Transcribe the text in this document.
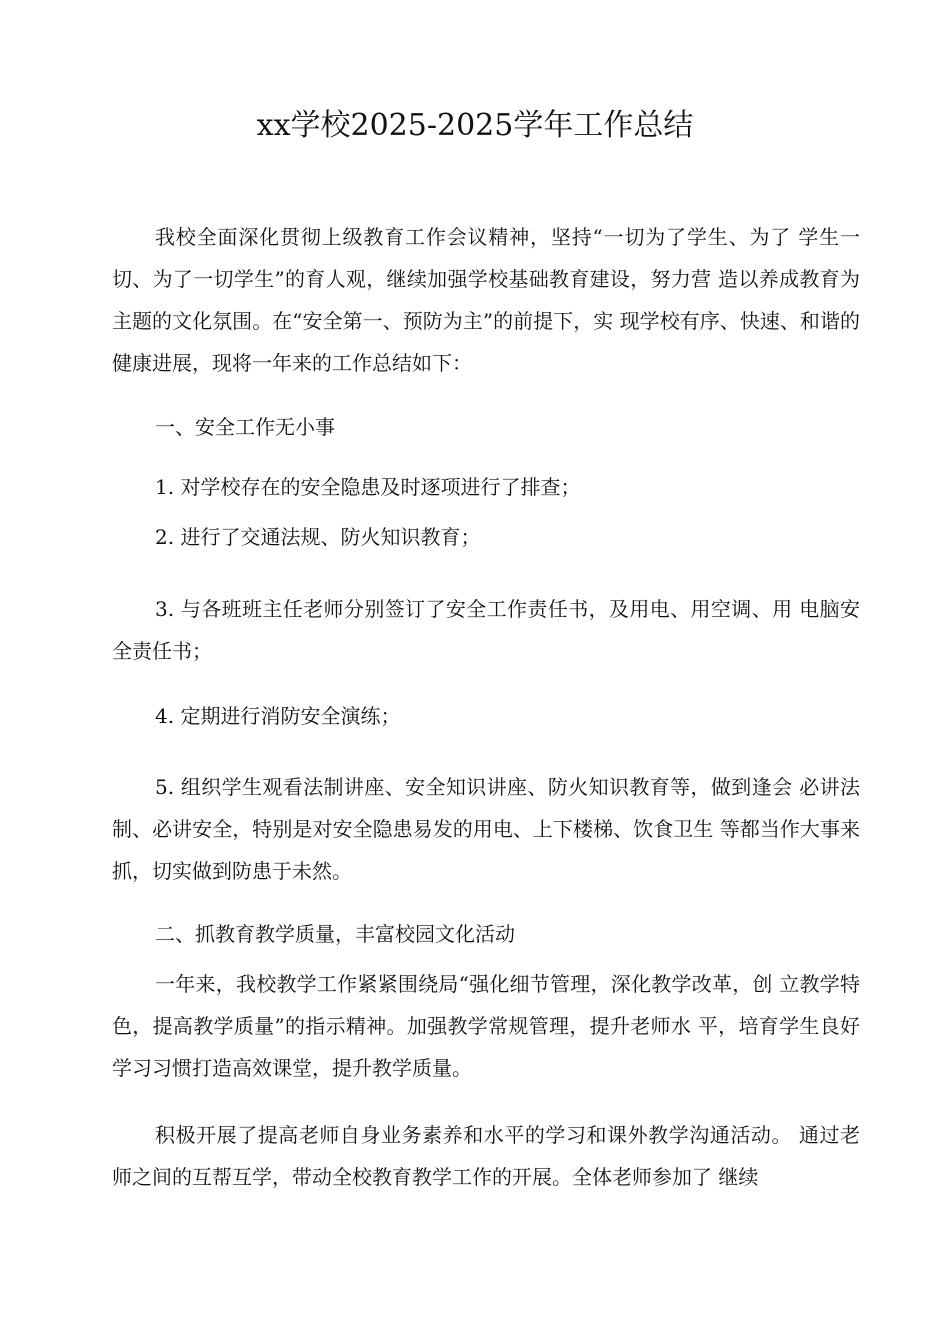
xx学校2025-2025学年工作总结

我校全面深化贯彻上级教育工作会议精神，坚持“一切为了学生、为了 学生一切、为了一切学生”的育人观，继续加强学校基础教育建设，努力营 造以养成教育为主题的文化氛围。在“安全第一、预防为主”的前提下，实 现学校有序、快速、和谐的健康进展，现将一年来的工作总结如下：

一、安全工作无小事

1. 对学校存在的安全隐患及时逐项进行了排查；

2. 进行了交通法规、防火知识教育；

3. 与各班班主任老师分别签订了安全工作责任书，及用电、用空调、用 电脑安全责任书；

4. 定期进行消防安全演练；

5. 组织学生观看法制讲座、安全知识讲座、防火知识教育等，做到逢会 必讲法制、必讲安全，特别是对安全隐患易发的用电、上下楼梯、饮食卫生 等都当作大事来抓，切实做到防患于未然。

二、抓教育教学质量，丰富校园文化活动

一年来，我校教学工作紧紧围绕局“强化细节管理，深化教学改革，创 立教学特色，提高教学质量”的指示精神。加强教学常规管理，提升老师水 平，培育学生良好学习习惯打造高效课堂，提升教学质量。

积极开展了提高老师自身业务素养和水平的学习和课外教学沟通活动。 通过老师之间的互帮互学，带动全校教育教学工作的开展。全体老师参加了 继续
